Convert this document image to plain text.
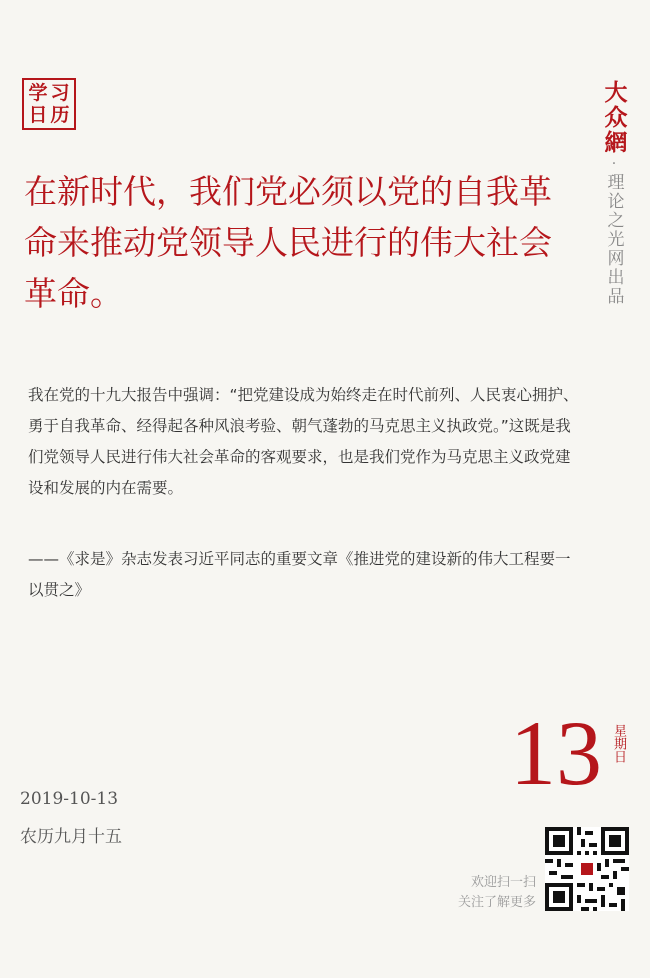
学 习
日 历	大众網
·
理论之光网出品
在新时代，我们党必须以党的自我革命来推动党领导人民进行的伟大社会革命。

我在党的十九大报告中强调：“把党建设成为始终走在时代前列、人民衷心拥护、勇于自我革命、经得起各种风浪考验、朝气蓬勃的马克思主义执政党。”这既是我们党领导人民进行伟大社会革命的客观要求，也是我们党作为马克思主义政党建设和发展的内在需要。

——《求是》杂志发表习近平同志的重要文章《推进党的建设新的伟大工程要一以贯之》

2019-10-13
农历九月十五
13 星期日
欢迎扫一扫
关注了解更多
